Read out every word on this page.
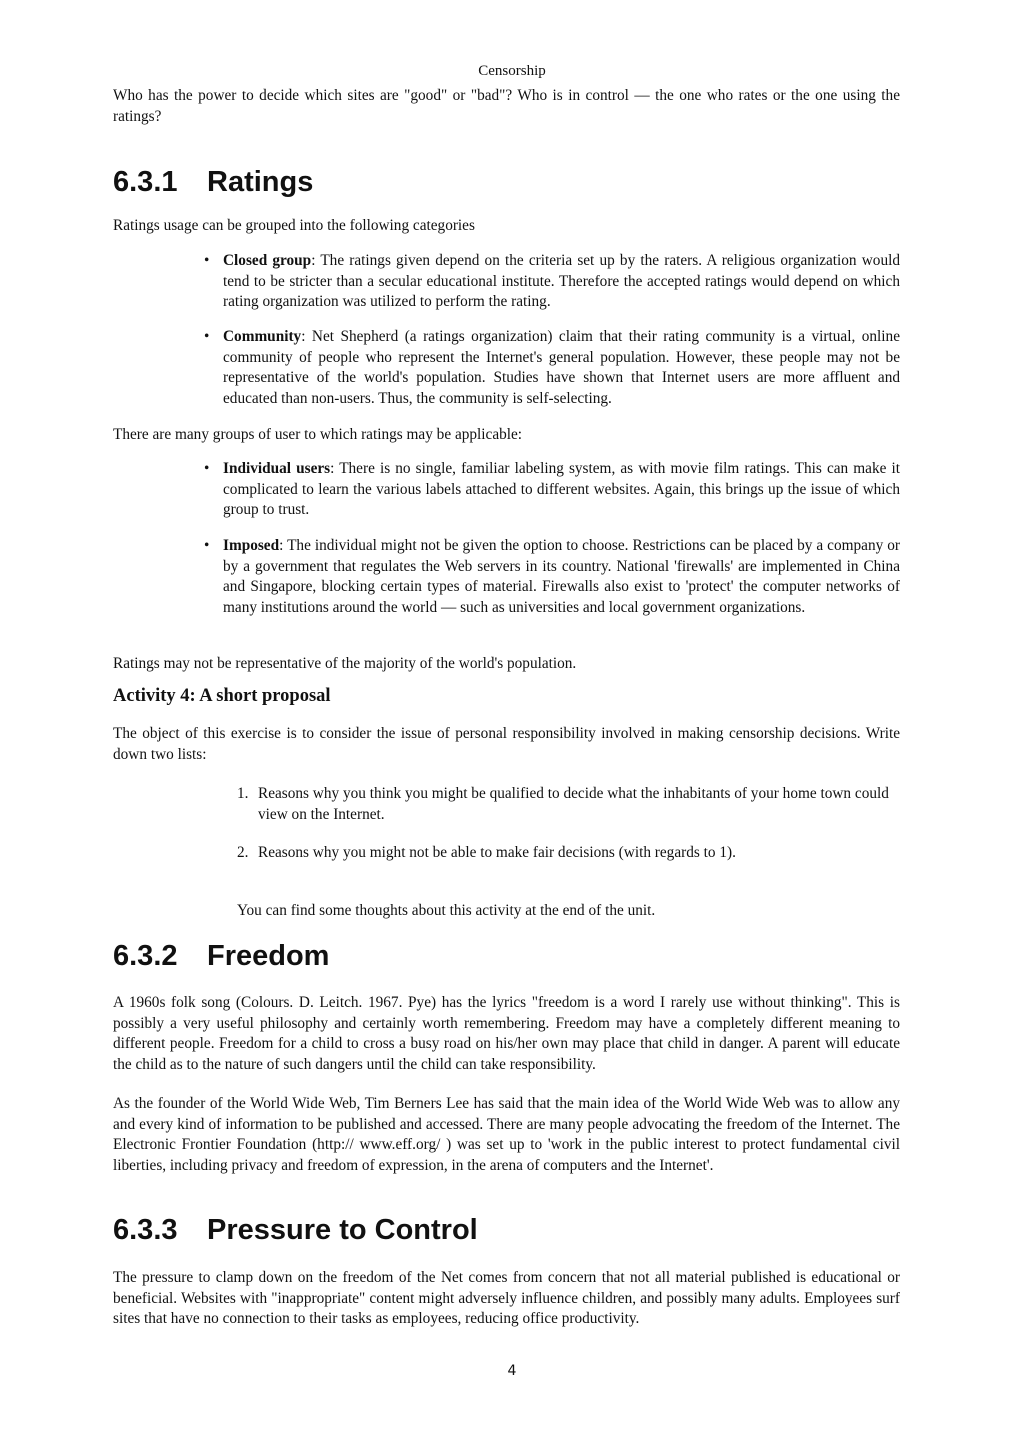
Censorship
Who has the power to decide which sites are "good" or "bad"? Who is in control — the one who rates or the one using the ratings?
6.3.1 Ratings
Ratings usage can be grouped into the following categories
• Closed group: The ratings given depend on the criteria set up by the raters. A religious organization would tend to be stricter than a secular educational institute. Therefore the accepted ratings would depend on which rating organization was utilized to perform the rating.
• Community: Net Shepherd (a ratings organization) claim that their rating community is a virtual, online community of people who represent the Internet's general population. However, these people may not be representative of the world's population. Studies have shown that Internet users are more affluent and educated than non-users. Thus, the community is self-selecting.
There are many groups of user to which ratings may be applicable:
• Individual users: There is no single, familiar labeling system, as with movie film ratings. This can make it complicated to learn the various labels attached to different websites. Again, this brings up the issue of which group to trust.
• Imposed: The individual might not be given the option to choose. Restrictions can be placed by a company or by a government that regulates the Web servers in its country. National 'firewalls' are implemented in China and Singapore, blocking certain types of material. Firewalls also exist to 'protect' the computer networks of many institutions around the world — such as universities and local government organizations.
Ratings may not be representative of the majority of the world's population.
Activity 4: A short proposal
The object of this exercise is to consider the issue of personal responsibility involved in making censorship decisions. Write down two lists:
1. Reasons why you think you might be qualified to decide what the inhabitants of your home town could view on the Internet.
2. Reasons why you might not be able to make fair decisions (with regards to 1).
You can find some thoughts about this activity at the end of the unit.
6.3.2 Freedom
A 1960s folk song (Colours. D. Leitch. 1967. Pye) has the lyrics "freedom is a word I rarely use without thinking". This is possibly a very useful philosophy and certainly worth remembering. Freedom may have a completely different meaning to different people. Freedom for a child to cross a busy road on his/her own may place that child in danger. A parent will educate the child as to the nature of such dangers until the child can take responsibility.
As the founder of the World Wide Web, Tim Berners Lee has said that the main idea of the World Wide Web was to allow any and every kind of information to be published and accessed. There are many people advocating the freedom of the Internet. The Electronic Frontier Foundation (http:// www.eff.org/ ) was set up to 'work in the public interest to protect fundamental civil liberties, including privacy and freedom of expression, in the arena of computers and the Internet'.
6.3.3 Pressure to Control
The pressure to clamp down on the freedom of the Net comes from concern that not all material published is educational or beneficial. Websites with "inappropriate" content might adversely influence children, and possibly many adults. Employees surf sites that have no connection to their tasks as employees, reducing office productivity.
4
